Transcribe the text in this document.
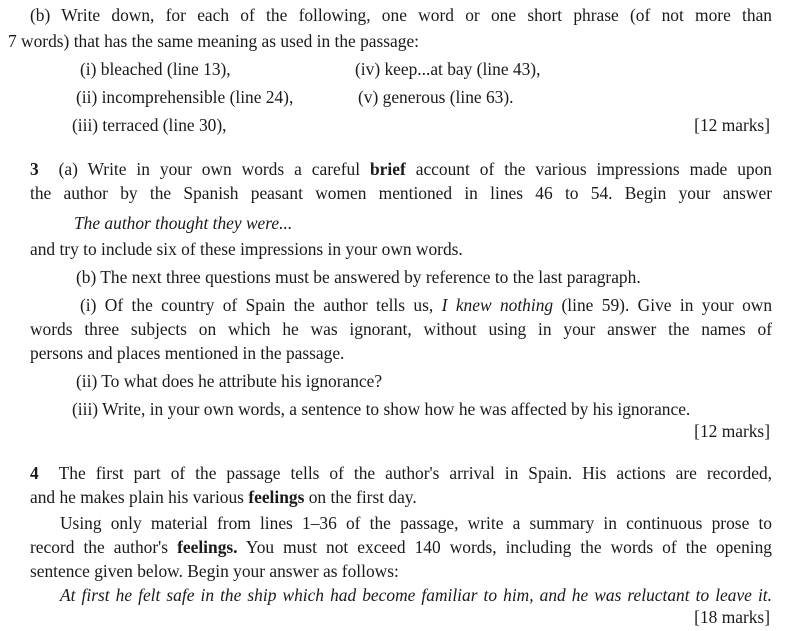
(b) Write down, for each of the following, one word or one short phrase (of not more than
7 words) that has the same meaning as used in the passage:
(i) bleached (line 13),
(ii) incomprehensible (line 24),
(iii) terraced (line 30),
(iv) keep...at bay (line 43),
(v) generous (line 63).
[12 marks]
3 (a) Write in your own words a careful brief account of the various impressions made upon
the author by the Spanish peasant women mentioned in lines 46 to 54. Begin your answer
The author thought they were...
and try to include six of these impressions in your own words.
(b) The next three questions must be answered by reference to the last paragraph.
(i) Of the country of Spain the author tells us, I knew nothing (line 59). Give in your own
words three subjects on which he was ignorant, without using in your answer the names of
persons and places mentioned in the passage.
(ii) To what does he attribute his ignorance?
(iii) Write, in your own words, a sentence to show how he was affected by his ignorance.
[12 marks]
4 The first part of the passage tells of the author's arrival in Spain. His actions are recorded,
and he makes plain his various feelings on the first day.
Using only material from lines 1–36 of the passage, write a summary in continuous prose to
record the author's feelings. You must not exceed 140 words, including the words of the opening
sentence given below. Begin your answer as follows:
At first he felt safe in the ship which had become familiar to him, and he was reluctant to leave it.
[18 marks]
